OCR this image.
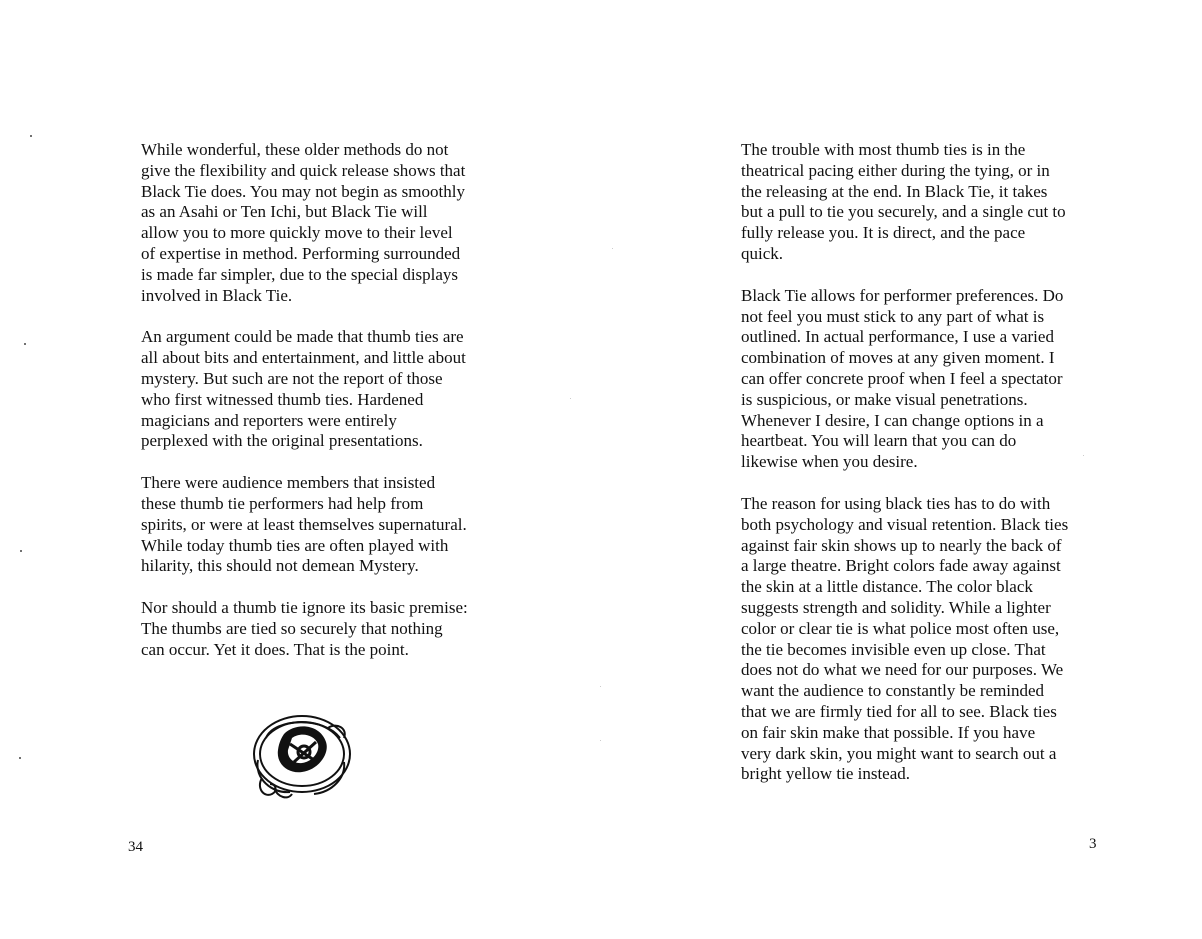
While wonderful, these older methods do not
give the flexibility and quick release shows that
Black Tie does. You may not begin as smoothly
as an Asahi or Ten Ichi, but Black Tie will
allow you to more quickly move to their level
of expertise in method. Performing surrounded
is made far simpler, due to the special displays
involved in Black Tie.

An argument could be made that thumb ties are
all about bits and entertainment, and little about
mystery. But such are not the report of those
who first witnessed thumb ties. Hardened
magicians and reporters were entirely
perplexed with the original presentations.

There were audience members that insisted
these thumb tie performers had help from
spirits, or were at least themselves supernatural.
While today thumb ties are often played with
hilarity, this should not demean Mystery.

Nor should a thumb tie ignore its basic premise:
The thumbs are tied so securely that nothing
can occur. Yet it does. That is the point.

The trouble with most thumb ties is in the
theatrical pacing either during the tying, or in
the releasing at the end. In Black Tie, it takes
but a pull to tie you securely, and a single cut to
fully release you. It is direct, and the pace
quick.

Black Tie allows for performer preferences. Do
not feel you must stick to any part of what is
outlined. In actual performance, I use a varied
combination of moves at any given moment. I
can offer concrete proof when I feel a spectator
is suspicious, or make visual penetrations.
Whenever I desire, I can change options in a
heartbeat. You will learn that you can do
likewise when you desire.

The reason for using black ties has to do with
both psychology and visual retention. Black ties
against fair skin shows up to nearly the back of
a large theatre. Bright colors fade away against
the skin at a little distance. The color black
suggests strength and solidity. While a lighter
color or clear tie is what police most often use,
the tie becomes invisible even up close. That
does not do what we need for our purposes. We
want the audience to constantly be reminded
that we are firmly tied for all to see. Black ties
on fair skin make that possible. If you have
very dark skin, you might want to search out a
bright yellow tie instead.

34	3
